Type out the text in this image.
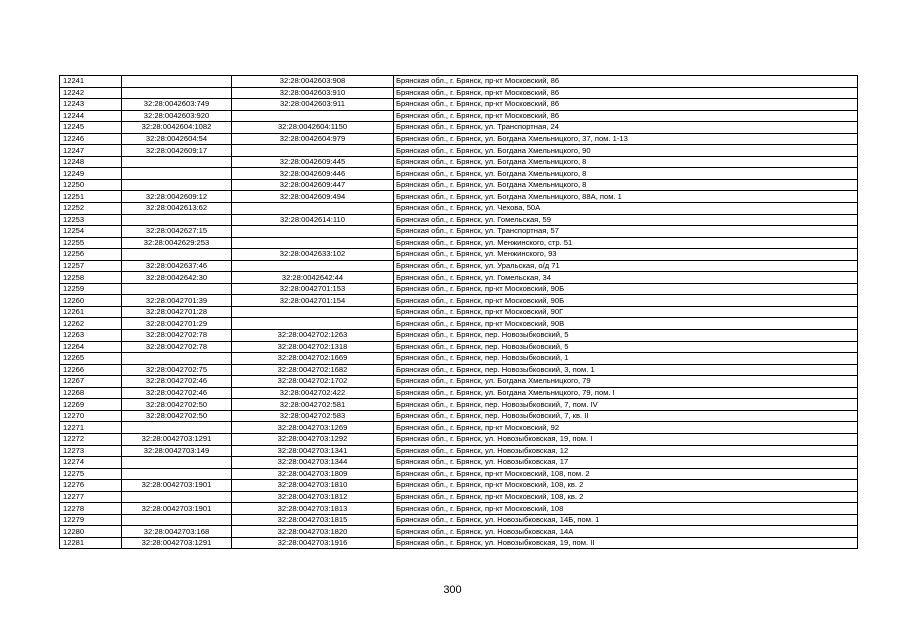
12241		32:28:0042603:908	Брянская обл., г. Брянск, пр-кт Московский, 86
12242		32:28:0042603:910	Брянская обл., г. Брянск, пр-кт Московский, 86
12243	32:28:0042603:749	32:28:0042603:911	Брянская обл., г. Брянск, пр-кт Московский, 86
12244	32:28:0042603:920		Брянская обл., г. Брянск, пр-кт Московский, 86
12245	32:28:0042604:1082	32:28:0042604:1150	Брянская обл., г. Брянск, ул. Транспортная, 24
12246	32:28:0042604:54	32:28:0042604:979	Брянская обл., г. Брянск, ул. Богдана Хмельницкого, 37, пом. 1-13
12247	32:28:0042609:17		Брянская обл., г. Брянск, ул. Богдана Хмельницкого, 90
12248		32:28:0042609:445	Брянская обл., г. Брянск, ул. Богдана Хмельницкого, 8
12249		32:28:0042609:446	Брянская обл., г. Брянск, ул. Богдана Хмельницкого, 8
12250		32:28:0042609:447	Брянская обл., г. Брянск, ул. Богдана Хмельницкого, 8
12251	32:28:0042609:12	32:28:0042609:494	Брянская обл., г. Брянск, ул. Богдана Хмельницкого, 88А, пом. 1
12252	32:28:0042613:62		Брянская обл., г. Брянск, ул. Чехова, 50А
12253		32:28:0042614:110	Брянская обл., г. Брянск, ул. Гомельская, 59
12254	32:28:0042627:15		Брянская обл., г. Брянск, ул. Транспортная, 57
12255	32:28:0042629:253		Брянская обл., г. Брянск, ул. Менжинского, стр. 51
12256		32:28:0042633:102	Брянская обл., г. Брянск, ул. Менжинского, 93
12257	32:28:0042637:46		Брянская обл., г. Брянск, ул. Уральская, о/д 71
12258	32:28:0042642:30	32:28:0042642:44	Брянская обл., г. Брянск, ул. Гомельская, 34
12259		32:28:0042701:153	Брянская обл., г. Брянск, пр-кт Московский, 90Б
12260	32:28:0042701:39	32:28:0042701:154	Брянская обл., г. Брянск, пр-кт Московский, 90Б
12261	32:28:0042701:28		Брянская обл., г. Брянск, пр-кт Московский, 90Г
12262	32:28:0042701:29		Брянская обл., г. Брянск, пр-кт Московский, 90В
12263	32:28:0042702:78	32:28:0042702:1263	Брянская обл., г. Брянск, пер. Новозыбковский, 5
12264	32:28:0042702:78	32:28:0042702:1318	Брянская обл., г. Брянск, пер. Новозыбковский, 5
12265		32:28:0042702:1669	Брянская обл., г. Брянск, пер. Новозыбковский, 1
12266	32:28:0042702:75	32:28:0042702:1682	Брянская обл., г. Брянск, пер. Новозыбковский, 3, пом. 1
12267	32:28:0042702:46	32:28:0042702:1702	Брянская обл., г. Брянск, ул. Богдана Хмельницкого, 79
12268	32:28:0042702:46	32:28:0042702:422	Брянская обл., г. Брянск, ул. Богдана Хмельницкого, 79, пом. I
12269	32:28:0042702:50	32:28:0042702:581	Брянская обл., г. Брянск, пер. Новозыбковский, 7, пом. IV
12270	32:28:0042702:50	32:28:0042702:583	Брянская обл., г. Брянск, пер. Новозыбковский, 7, кв. II
12271		32:28:0042703:1269	Брянская обл., г. Брянск, пр-кт Московский, 92
12272	32:28:0042703:1291	32:28:0042703:1292	Брянская обл., г. Брянск, ул. Новозыбковская, 19, пом. I
12273	32:28:0042703:149	32:28:0042703:1341	Брянская обл., г. Брянск, ул. Новозыбковская, 12
12274		32:28:0042703:1344	Брянская обл., г. Брянск, ул. Новозыбковская, 17
12275		32:28:0042703:1809	Брянская обл., г. Брянск, пр-кт Московский, 108, пом. 2
12276	32:28:0042703:1901	32:28:0042703:1810	Брянская обл., г. Брянск, пр-кт Московский, 108, кв. 2
12277		32:28:0042703:1812	Брянская обл., г. Брянск, пр-кт Московский, 108, кв. 2
12278	32:28:0042703:1901	32:28:0042703:1813	Брянская обл., г. Брянск, пр-кт Московский, 108
12279		32:28:0042703:1815	Брянская обл., г. Брянск, ул. Новозыбковская, 14Б, пом. 1
12280	32:28:0042703:168	32:28:0042703:1820	Брянская обл., г. Брянск, ул. Новозыбковская, 14А
12281	32:28:0042703:1291	32:28:0042703:1916	Брянская обл., г. Брянск, ул. Новозыбковская, 19, пом. II
300
